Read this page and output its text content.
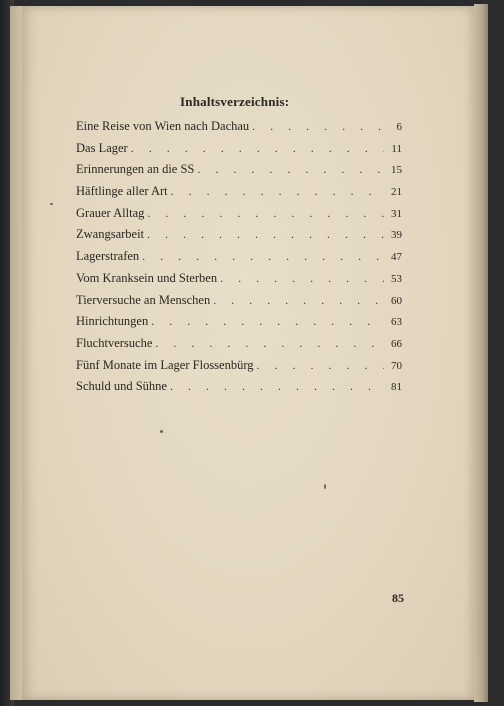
Inhaltsverzeichnis:
Eine Reise von Wien nach Dachau . . .	6
Das Lager . . .	11
Erinnerungen an die SS . . .	15
Häftlinge aller Art . . .	21
Grauer Alltag . . .	31
Zwangsarbeit . . .	39
Lagerstrafen . . .	47
Vom Kranksein und Sterben . . .	53
Tierversuche an Menschen . . .	60
Hinrichtungen . . .	63
Fluchtversuche . . .	66
Fünf Monate im Lager Flossenbürg . . .	70
Schuld und Sühne . . .	81
85
